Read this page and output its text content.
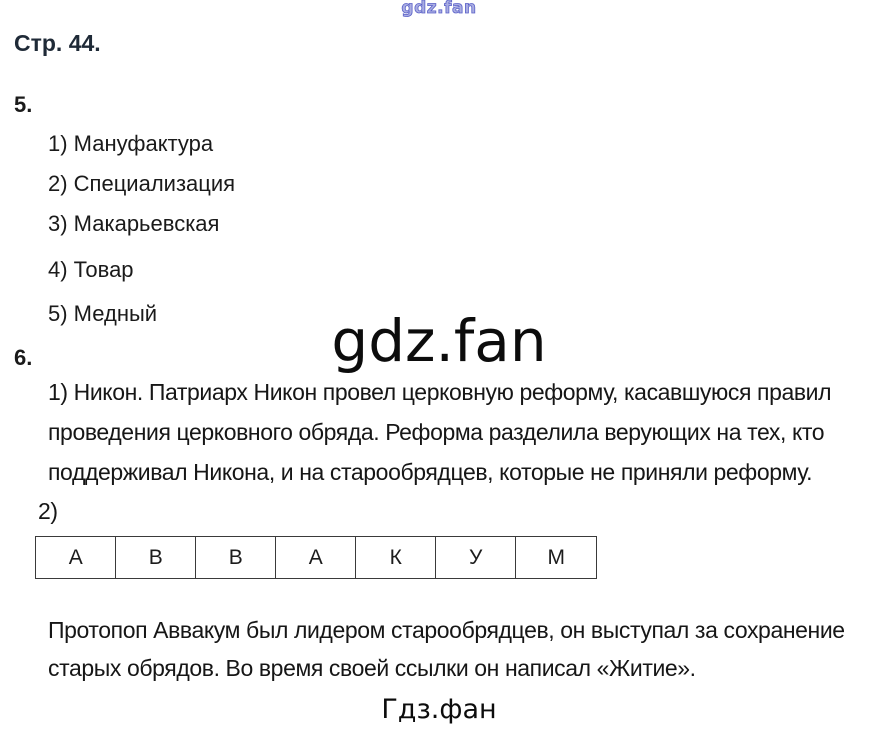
gdz.fan
Стр. 44.
5.
1) Мануфактура
2) Специализация
3) Макарьевская
4) Товар
5) Медный
6.	gdz.fan
1) Никон. Патриарх Никон провел церковную реформу, касавшуюся правил проведения церковного обряда. Реформа разделила верующих на тех, кто поддерживал Никона, и на старообрядцев, которые не приняли реформу.
2)
А	В	В	А	К	У	М
Протопоп Аввакум был лидером старообрядцев, он выступал за сохранение старых обрядов. Во время своей ссылки он написал «Житие».
Гдз.фан
